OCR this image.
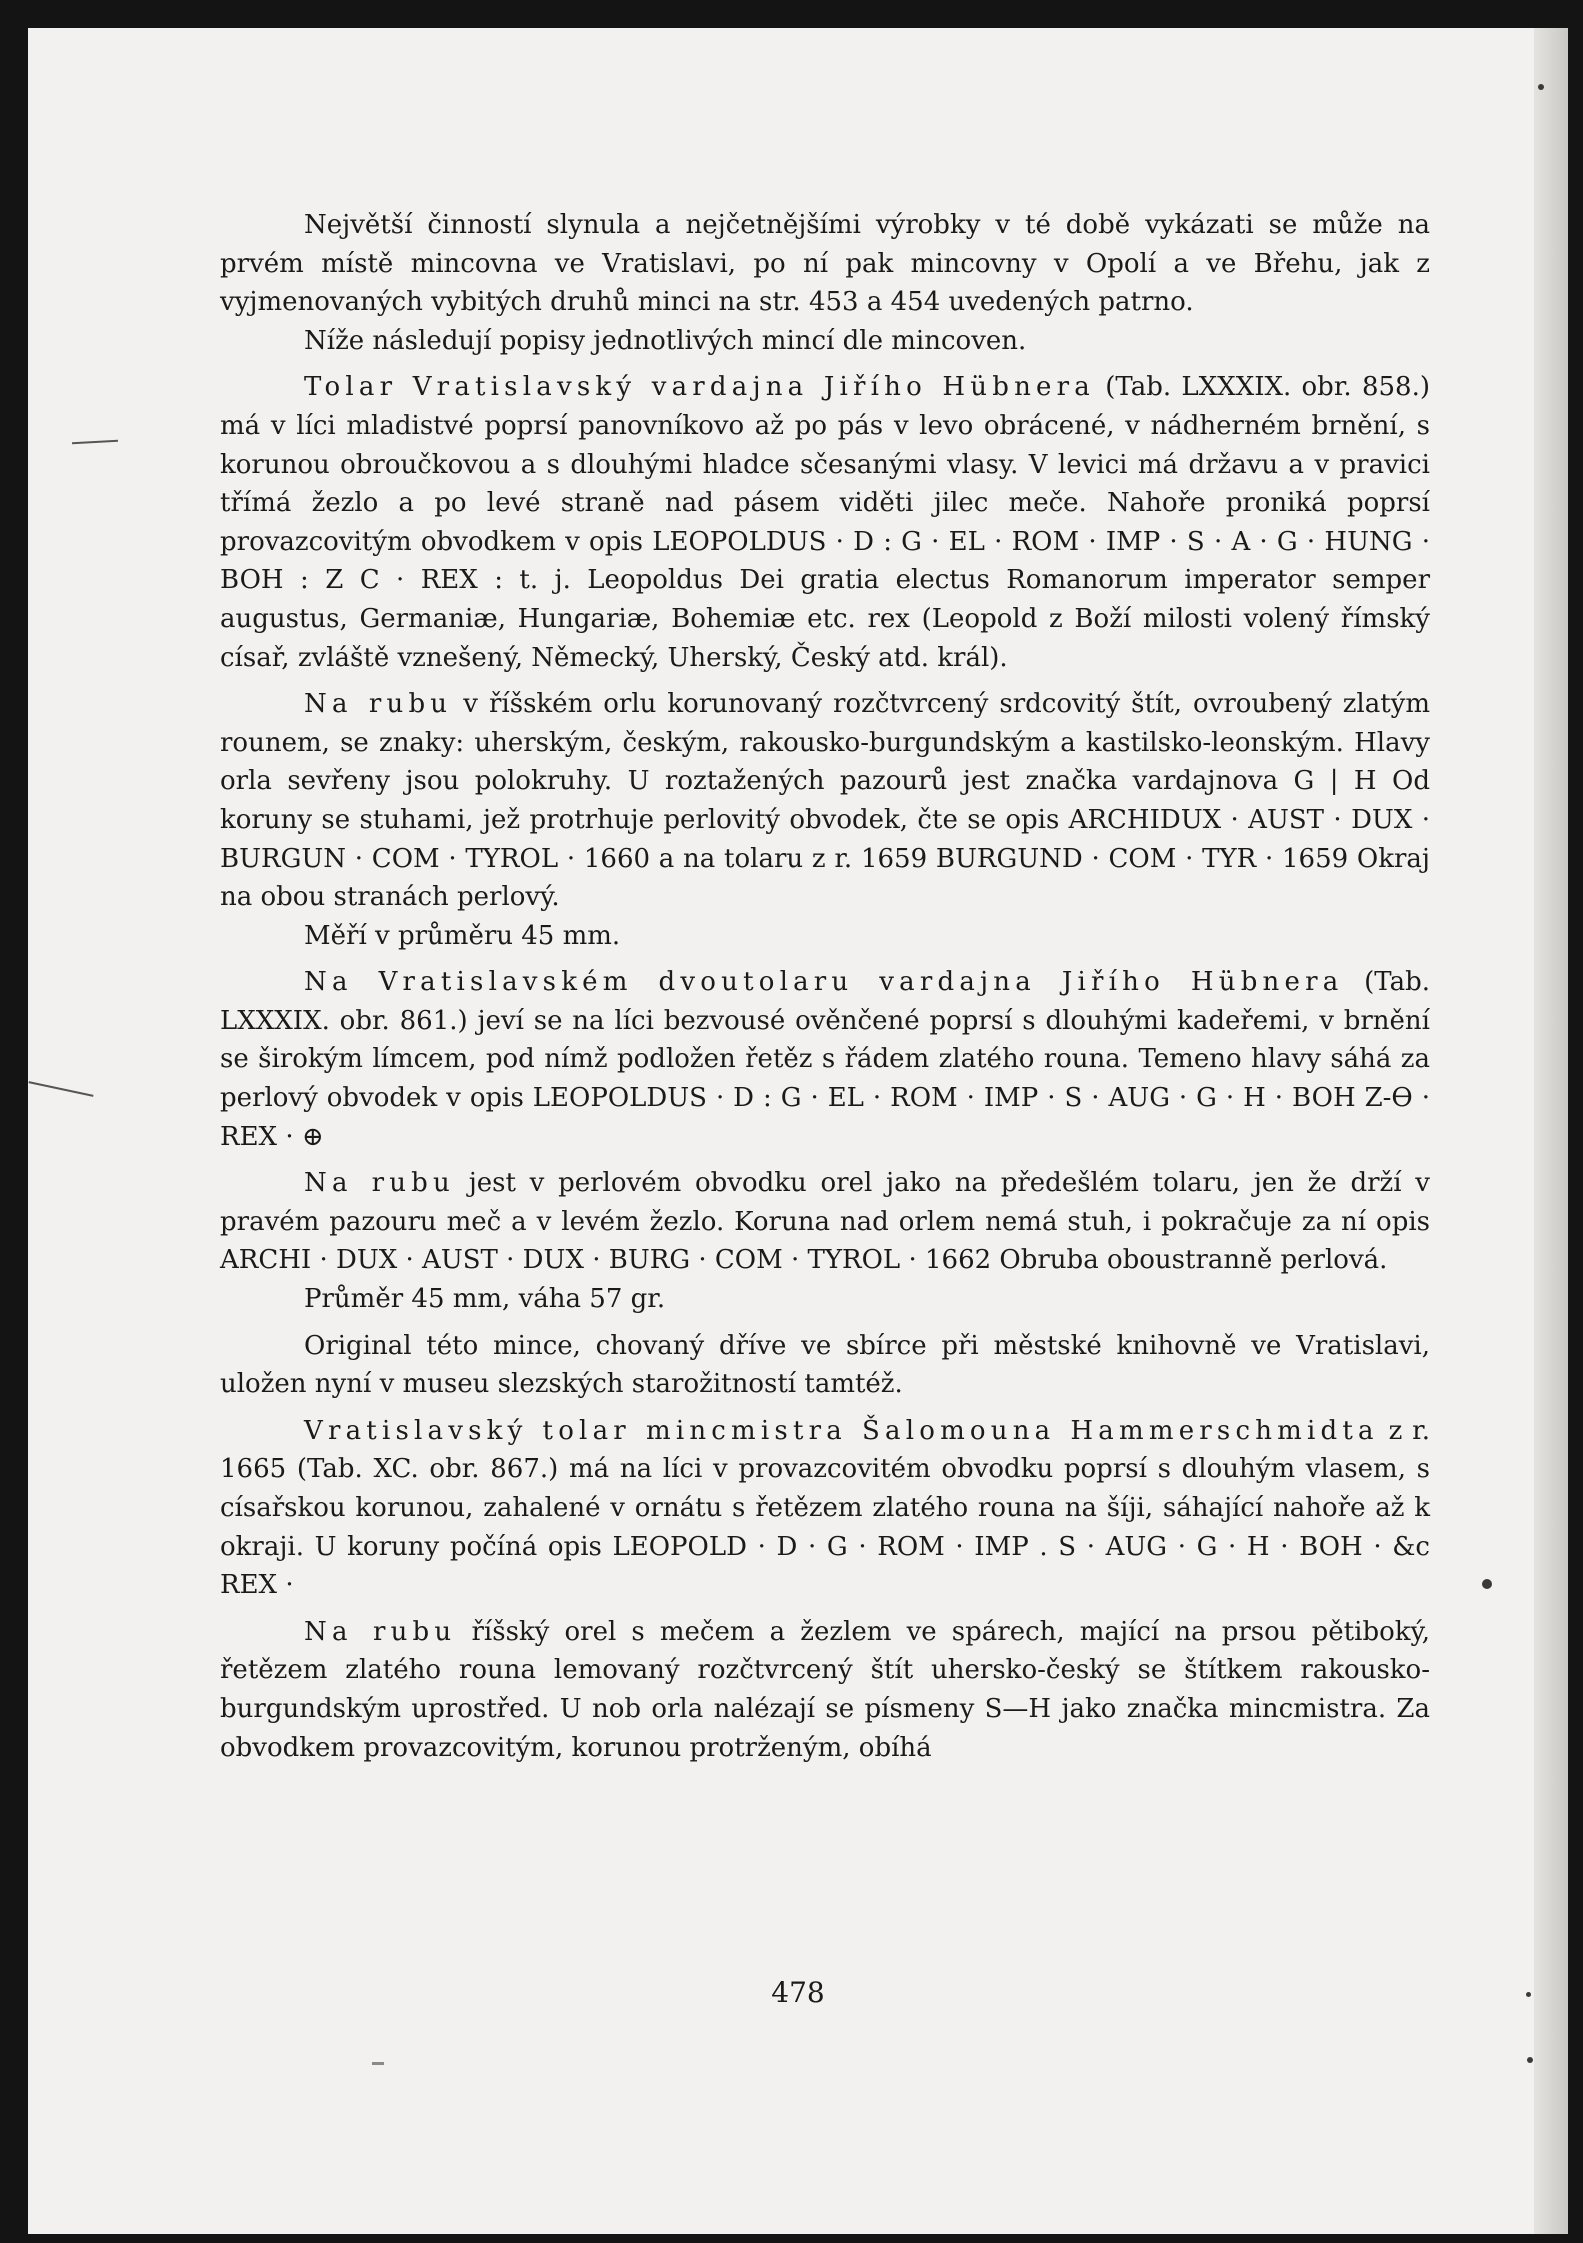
Největší činností slynula a nejčetnějšími výrobky v té době vykázati se může na prvém místě mincovna ve Vratislavi, po ní pak mincovny v Opolí a ve Břehu, jak z vyjmenovaných vybitých druhů minci na str. 453 a 454 uvedených patrno.

Níže následují popisy jednotlivých mincí dle mincoven.

Tolar Vratislavský vardajna Jiřího Hübnera (Tab. LXXXIX. obr. 858.) má v líci mladistvé poprsí panovníkovo až po pás v levo obrácené, v nádherném brnění, s korunou obroučkovou a s dlouhými hladce sčesanými vlasy. V levici má državu a v pravici třímá žezlo a po levé straně nad pásem viděti jilec meče. Nahoře proniká poprsí provazcovitým obvodkem v opis LEOPOLDUS · D : G · EL · ROM · IMP · S · A · G · HUNG · BOH : Z C · REX : t. j. Leopoldus Dei gratia electus Romanorum imperator semper augustus, Germaniæ, Hungariæ, Bohemiæ etc. rex (Leopold z Boží milosti volený římský císař, zvláště vznešený, Německý, Uherský, Český atd. král).

Na rubu v říšském orlu korunovaný rozčtvrcený srdcovitý štít, ovroubený zlatým rounem, se znaky: uherským, českým, rakousko-burgundským a kastilsko-leonským. Hlavy orla sevřeny jsou polokruhy. U roztažených pazourů jest značka vardajnova G | H Od koruny se stuhami, jež protrhuje perlovitý obvodek, čte se opis ARCHIDUX · AUST · DUX · BURGUN · COM · TYROL · 1660 a na tolaru z r. 1659 BURGUND · COM · TYR · 1659 Okraj na obou stranách perlový.

Měří v průměru 45 mm.

Na Vratislavském dvoutolaru vardajna Jiřího Hübnera (Tab. LXXXIX. obr. 861.) jeví se na líci bezvousé ověnčené poprsí s dlouhými kadeřemi, v brnění se širokým límcem, pod nímž podložen řetěz s řádem zlatého rouna. Temeno hlavy sáhá za perlový obvodek v opis LEOPOLDUS · D : G · EL · ROM · IMP · S · AUG · G · H · BOH Z-Ɵ · REX · ⊕

Na rubu jest v perlovém obvodku orel jako na předešlém tolaru, jen že drží v pravém pazouru meč a v levém žezlo. Koruna nad orlem nemá stuh, i pokračuje za ní opis ARCHI · DUX · AUST · DUX · BURG · COM · TYROL · 1662 Obruba oboustranně perlová.

Průměr 45 mm, váha 57 gr.

Original této mince, chovaný dříve ve sbírce při městské knihovně ve Vratislavi, uložen nyní v museu slezských starožitností tamtéž.

Vratislavský tolar mincmistra Šalomouna Hammerschmidta z r. 1665 (Tab. XC. obr. 867.) má na líci v provazcovitém obvodku poprsí s dlouhým vlasem, s císařskou korunou, zahalené v ornátu s řetězem zlatého rouna na šíji, sáhající nahoře až k okraji. U koruny počíná opis LEOPOLD · D · G · ROM · IMP . S · AUG · G · H · BOH · &c REX ·

Na rubu říšský orel s mečem a žezlem ve spárech, mající na prsou pětiboký, řetězem zlatého rouna lemovaný rozčtvrcený štít uhersko-český se štítkem rakousko-burgundským uprostřed. U nob orla nalézají se písmeny S—H jako značka mincmistra. Za obvodkem provazcovitým, korunou protrženým, obíhá

478
